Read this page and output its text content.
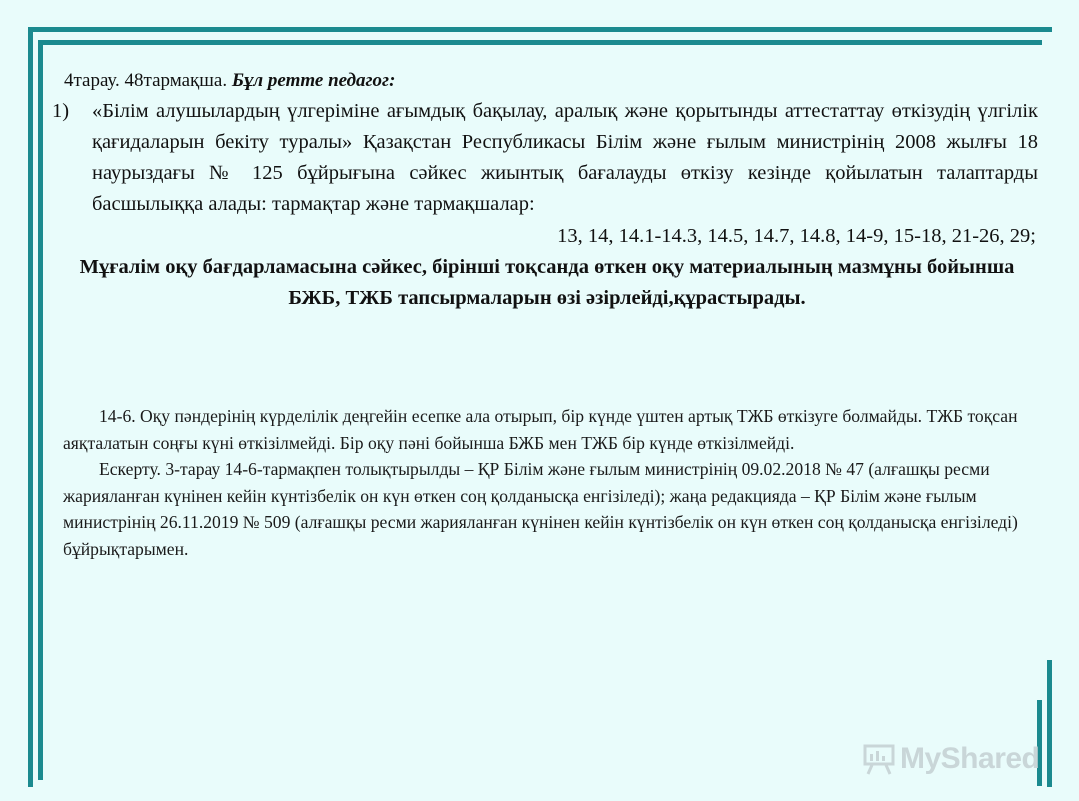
4тарау. 48тармақша. Бұл ретте педагог:
1)	«Білім алушылардың үлгеріміне ағымдық бақылау, аралық және қорытынды аттестаттау өткізудің үлгілік қағидаларын бекіту туралы» Қазақстан Республикасы Білім және ғылым министрінің 2008 жылғы 18 наурыздағы № 125 бұйрығына сәйкес жиынтық бағалауды өткізу кезінде қойылатын талаптарды басшылыққа алады: тармақтар және тармақшалар:
13, 14, 14.1-14.3, 14.5, 14.7, 14.8, 14-9, 15-18, 21-26, 29;
Мұғалім оқу бағдарламасына сәйкес, бірінші тоқсанда өткен оқу материалының мазмұны бойынша БЖБ, ТЖБ тапсырмаларын өзі әзірлейді,құрастырады.

14-6. Оқу пәндерінің күрделілік деңгейін есепке ала отырып, бір күнде үштен артық ТЖБ өткізуге болмайды. ТЖБ тоқсан аяқталатын соңғы күні өткізілмейді. Бір оқу пәні бойынша БЖБ мен ТЖБ бір күнде өткізілмейді.

Ескерту. 3-тарау 14-6-тармақпен толықтырылды – ҚР Білім және ғылым министрінің 09.02.2018 № 47 (алғашқы ресми жарияланған күнінен кейін күнтізбелік он күн өткен соң қолданысқа енгізіледі); жаңа редакцияда – ҚР Білім және ғылым министрінің 26.11.2019 № 509 (алғашқы ресми жарияланған күнінен кейін күнтізбелік он күн өткен соң қолданысқа енгізіледі) бұйрықтарымен.

MyShared
